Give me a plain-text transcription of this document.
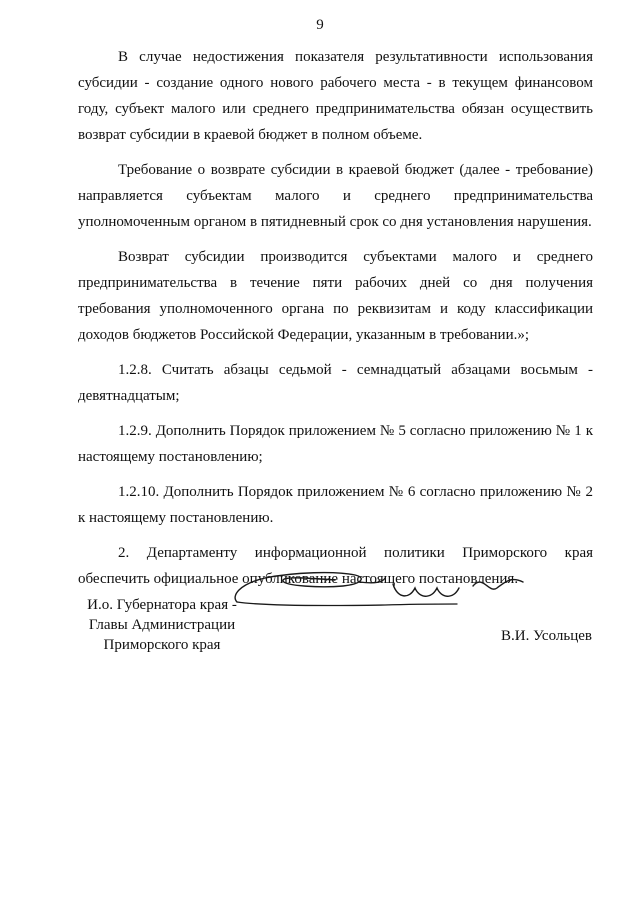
9

В случае недостижения показателя результативности использования субсидии - создание одного нового рабочего места - в текущем финансовом году, субъект малого или среднего предпринимательства обязан осуществить возврат субсидии в краевой бюджет в полном объеме.

Требование о возврате субсидии в краевой бюджет (далее - требование) направляется субъектам малого и среднего предпринимательства уполномоченным органом в пятидневный срок со дня установления нарушения.

Возврат субсидии производится субъектами малого и среднего предпринимательства в течение пяти рабочих дней со дня получения требования уполномоченного органа по реквизитам и коду классификации доходов бюджетов Российской Федерации, указанным в требовании.»;

1.2.8. Считать абзацы седьмой - семнадцатый абзацами восьмым - девятнадцатым;

1.2.9. Дополнить Порядок приложением № 5 согласно приложению № 1 к настоящему постановлению;

1.2.10. Дополнить Порядок приложением № 6 согласно приложению № 2 к настоящему постановлению.

2. Департаменту информационной политики Приморского края обеспечить официальное опубликование настоящего постановления.

И.о. Губернатора края -
Главы Администрации
Приморского края
В.И. Усольцев
